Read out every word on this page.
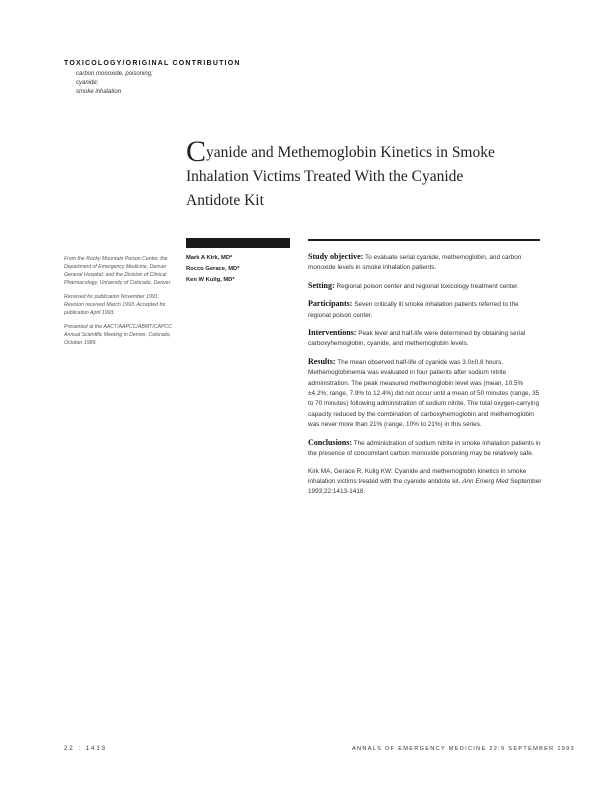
TOXICOLOGY/ORIGINAL CONTRIBUTION
carbon monoxide, poisoning;
cyanide;
smoke inhalation
Cyanide and Methemoglobin Kinetics in Smoke
Inhalation Victims Treated With the Cyanide
Antidote Kit

From the Rocky Mountain Poison Center, the Department of Emergency Medicine, Denver General Hospital; and the Division of Clinical Pharmacology, University of Colorado, Denver.

Received for publication November 1991. Revision received March 1993. Accepted for publication April 1993.

Presented at the AACT/AAPCC/ABMT/CAPCC Annual Scientific Meeting in Denver, Colorado, October 1989.

Mark A Kirk, MD*
Rocco Gerace, MD*
Ken W Kulig, MD*

Study objective: To evaluate serial cyanide, methemoglobin, and carbon monoxide levels in smoke inhalation patients.

Setting: Regional poison center and regional toxicology treatment center.

Participants: Seven critically ill smoke inhalation patients referred to the regional poison center.

Interventions: Peak level and half-life were determined by obtaining serial carboxyhemoglobin, cyanide, and methemoglobin levels.

Results: The mean observed half-life of cyanide was 3.0±0.8 hours. Methemoglobinemia was evaluated in four patients after sodium nitrite administration. The peak measured methemoglobin level was (mean, 10.5%±4.2%; range, 7.9% to 12.4%) did not occur until a mean of 50 minutes (range, 35 to 70 minutes) following administration of sodium nitrite. The total oxygen-carrying capacity reduced by the combination of carboxyhemoglobin and methemoglobin was never more than 21% (range, 10% to 21%) in this series.

Conclusions: The administration of sodium nitrite in smoke inhalation patients in the presence of concomitant carbon monoxide poisoning may be relatively safe.

Kirk MA, Gerace R, Kulig KW: Cyanide and methemoglobin kinetics in smoke inhalation victims treated with the cyanide antidote kit. Ann Emerg Med September 1993;22:1413-1418.

22 : 1413	ANNALS OF EMERGENCY MEDICINE 22:9 SEPTEMBER 1993
